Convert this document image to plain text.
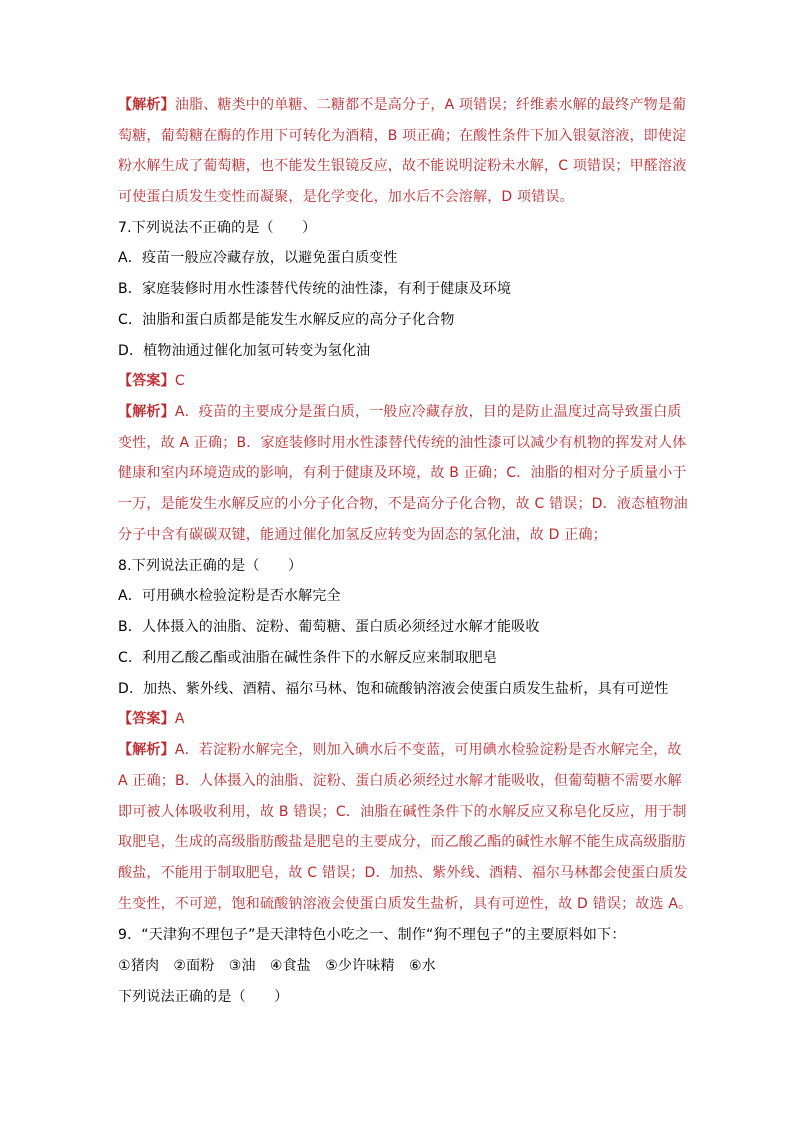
【解析】油脂、糖类中的单糖、二糖都不是高分子，A 项错误；纤维素水解的最终产物是葡
萄糖，葡萄糖在酶的作用下可转化为酒精，B 项正确；在酸性条件下加入银氨溶液，即使淀
粉水解生成了葡萄糖，也不能发生银镜反应，故不能说明淀粉未水解，C 项错误；甲醛溶液
可使蛋白质发生变性而凝聚，是化学变化，加水后不会溶解，D 项错误。
7.下列说法不正确的是（　　）
A．疫苗一般应冷藏存放，以避免蛋白质变性
B．家庭装修时用水性漆替代传统的油性漆，有利于健康及环境
C．油脂和蛋白质都是能发生水解反应的高分子化合物
D．植物油通过催化加氢可转变为氢化油
【答案】C
【解析】A．疫苗的主要成分是蛋白质，一般应冷藏存放，目的是防止温度过高导致蛋白质
变性，故 A 正确；B．家庭装修时用水性漆替代传统的油性漆可以减少有机物的挥发对人体
健康和室内环境造成的影响，有利于健康及环境，故 B 正确；C．油脂的相对分子质量小于
一万，是能发生水解反应的小分子化合物，不是高分子化合物，故 C 错误；D．液态植物油
分子中含有碳碳双键，能通过催化加氢反应转变为固态的氢化油，故 D 正确；
8.下列说法正确的是（　　）
A．可用碘水检验淀粉是否水解完全
B．人体摄入的油脂、淀粉、葡萄糖、蛋白质必须经过水解才能吸收
C．利用乙酸乙酯或油脂在碱性条件下的水解反应来制取肥皂
D．加热、紫外线、酒精、福尔马林、饱和硫酸钠溶液会使蛋白质发生盐析，具有可逆性
【答案】A
【解析】A．若淀粉水解完全，则加入碘水后不变蓝，可用碘水检验淀粉是否水解完全，故
A 正确；B．人体摄入的油脂、淀粉、蛋白质必须经过水解才能吸收，但葡萄糖不需要水解
即可被人体吸收利用，故 B 错误；C．油脂在碱性条件下的水解反应又称皂化反应，用于制
取肥皂，生成的高级脂肪酸盐是肥皂的主要成分，而乙酸乙酯的碱性水解不能生成高级脂肪
酸盐，不能用于制取肥皂，故 C 错误；D．加热、紫外线、酒精、福尔马林都会使蛋白质发
生变性，不可逆，饱和硫酸钠溶液会使蛋白质发生盐析，具有可逆性，故 D 错误；故选 A。
9．“天津狗不理包子”是天津特色小吃之一、制作“狗不理包子”的主要原料如下：
①猪肉　②面粉　③油　④食盐　⑤少许味精　⑥水
下列说法正确的是（　　）
